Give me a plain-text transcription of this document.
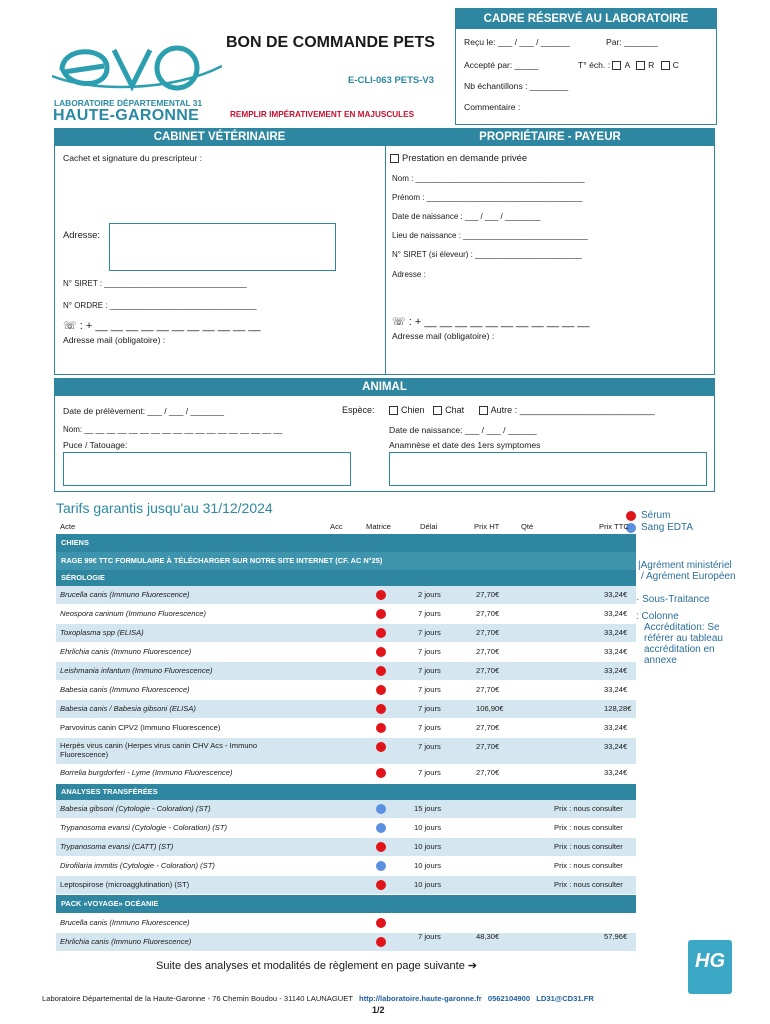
LABORATOIRE DÉPARTEMENTAL 31
HAUTE-GARONNE
BON DE COMMANDE PETS
E-CLI-063 PETS-V3
REMPLIR IMPÉRATIVEMENT EN MAJUSCULES
CADRE RÉSERVÉ AU LABORATOIRE
Reçu le: ___ / ___ / ______	Par: _______
Accepté par: _____	T° éch. : A R C
Nb échantillons : ________
Commentaire :
CABINET VÉTÉRINAIRE
Cachet et signature du prescripteur :
Adresse:
N° SIRET : ________________________________
N° ORDRE : _________________________________
☏ : + __ __ __ __ __ __ __ __ __ __ __
Adresse mail (obligatoire) :
PROPRIÉTAIRE - PAYEUR
Prestation en demande privée
Nom : ______________________________________
Prénom : ___________________________________
Date de naissance : ___ / ___ / ________
Lieu de naissance : ____________________________
N° SIRET (si éleveur) : ________________________
Adresse :
☏ : + __ __ __ __ __ __ __ __ __ __ __
Adresse mail (obligatoire) :
ANIMAL
Date de prélèvement: ___ / ___ / _______	Espèce:	Chien Chat	Autre : ___________________________
Nom: __ __ __ __ __ __ __ __ __ __ __ __ __ __ __ __ __ __	Date de naissance: ___ / ___ / ______
Puce / Tatouage:	Anamnèse et date des 1ers symptomes
Tarifs garantis jusqu'au 31/12/2024	Sérum
Sang EDTA
|Agrément ministériel
/ Agrément Européen
· Sous-Traitance
: Colonne
Accréditation: Se
référer au tableau
accréditation en
annexe
Acte	Acc	Matrice	Délai	Prix HT	Qté	Prix TTC
CHIENS
RAGE 99€ TTC FORMULAIRE À TÉLÉCHARGER SUR NOTRE SITE INTERNET (CF. AC N°25)
SÉROLOGIE
Brucella canis (Immuno Fluorescence)	2 jours	27,70€	33,24€
Neospora caninum (Immuno Fluorescence)	7 jours	27,70€	33,24€
Toxoplasma spp (ELISA)	7 jours	27,70€	33,24€
Ehrlichia canis (Immuno Fluorescence)	7 jours	27,70€	33,24€
Leishmania infantum (Immuno Fluorescence)	7 jours	27,70€	33,24€
Babesia canis (Immuno Fluorescence)	7 jours	27,70€	33,24€
Babesia canis / Babesia gibsoni (ELISA)	7 jours	106,90€	128,28€
Parvovirus canin CPV2 (Immuno Fluorescence)	7 jours	27,70€	33,24€
Herpès virus canin (Herpes virus canin CHV Acs - Immuno Fluorescence)
7 jours	27,70€	33,24€
Borrelia burgdorferi - Lyme (Immuno Fluorescence)	7 jours	27,70€	33,24€
ANALYSES TRANSFÉRÉES
Babesia gibsoni (Cytologie - Coloration) (ST)	15 jours	Prix : nous consulter
Trypanosoma evansi (Cytologie - Coloration) (ST)	10 jours	Prix : nous consulter
Trypanosoma evansi (CATT) (ST)	10 jours	Prix : nous consulter
Dirofilaria immitis (Cytologie - Coloration) (ST)	10 jours	Prix : nous consulter
Leptospirose (microagglutination) (ST)	10 jours	Prix : nous consulter
PACK «VOYAGE» OCÉANIE
Brucella canis (Immuno Fluorescence)
Ehrlichia canis (Immuno Fluorescence)
7 jours	48,30€	57,96€
Suite des analyses et modalités de règlement en page suivante ➔	HG
Laboratoire Départemental de la Haute-Garonne - 76 Chemin Boudou - 31140 LAUNAGUET http://laboratoire.haute-garonne.fr 0562104900 LD31@CD31.FR
1/2
